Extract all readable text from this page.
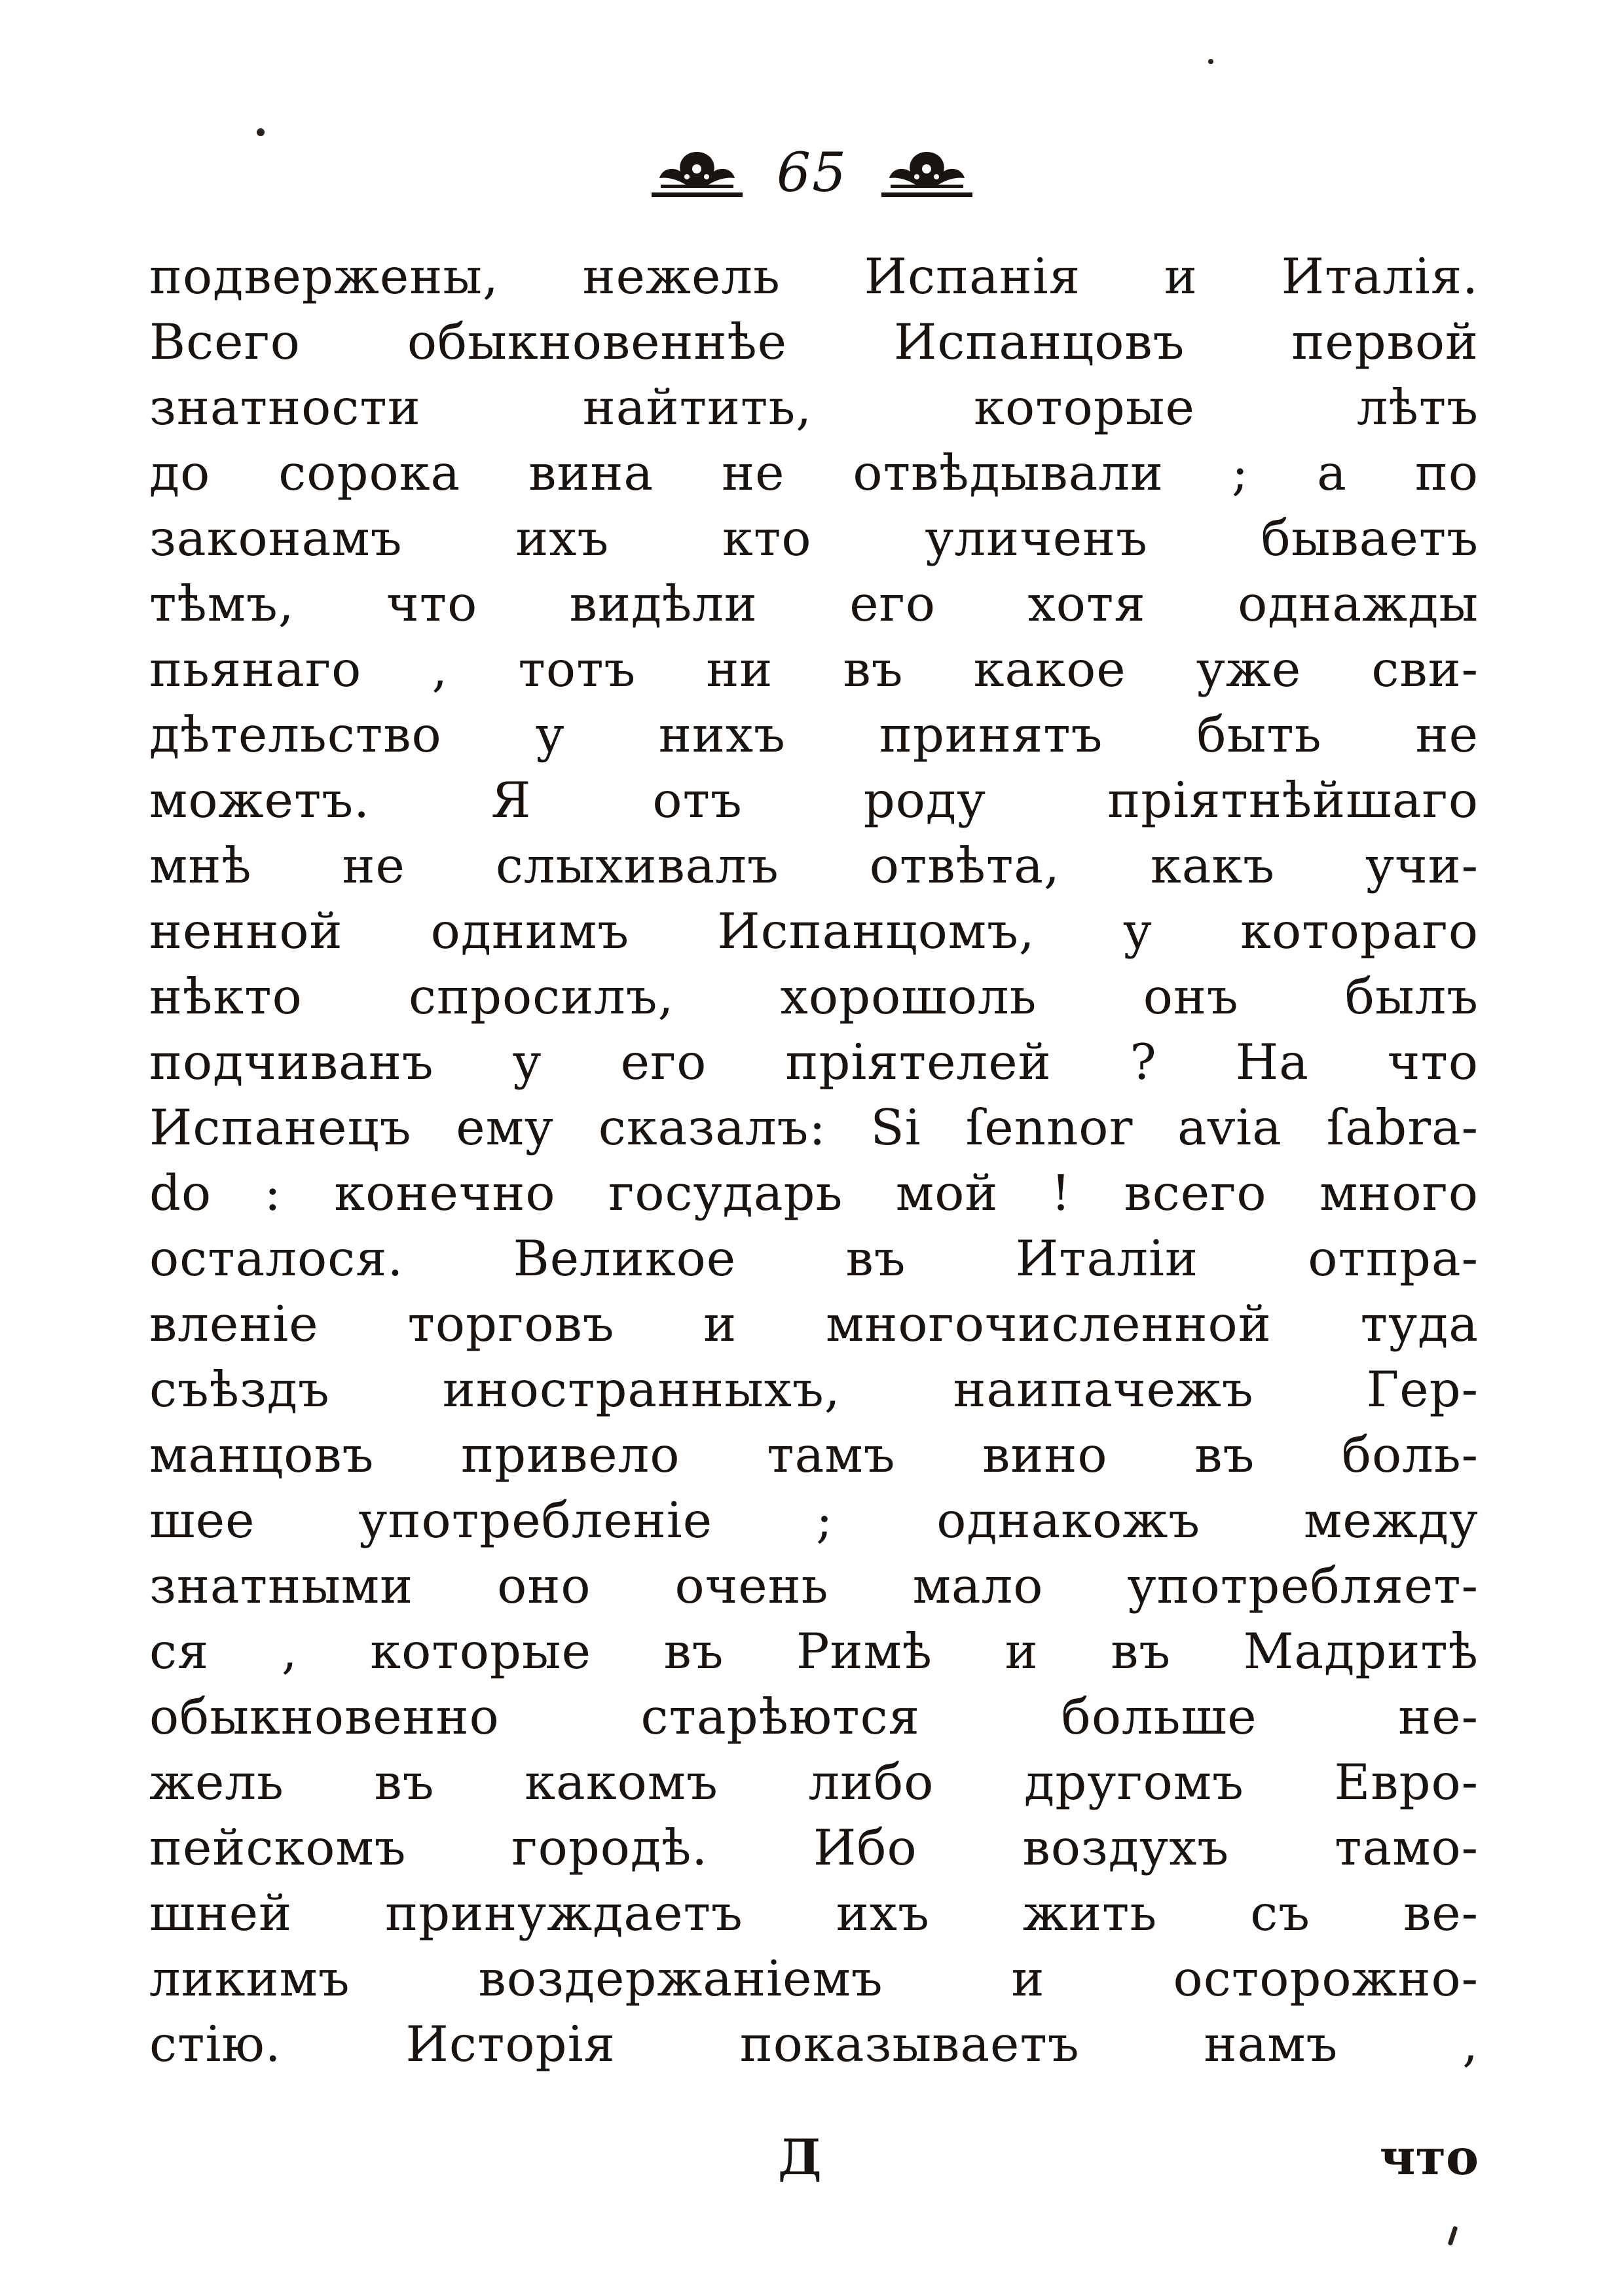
65
подвержены, нежель Испанія и Италія.
Всего обыкновеннѣе Испанцовъ первой
знатности найтить, которые лѣтъ
до сорока вина не отвѣдывали ; а по
законамъ ихъ кто уличенъ бываетъ
тѣмъ, что видѣли его хотя однажды
пьянаго , тотъ ни въ какое уже сви-
дѣтельство у нихъ принятъ быть не
можетъ. Я отъ роду пріятнѣйшаго
мнѣ не слыхивалъ отвѣта, какъ учи-
ненной однимъ Испанцомъ, у котораго
нѣкто спросилъ, хорошоль онъ былъ
подчиванъ у его пріятелей ? На что
Испанецъ ему сказалъ: Si ſennor avia ſabra-
do : конечно государь мой ! всего много
осталося. Великое въ Италіи отпра-
вленіе торговъ и многочисленной туда
съѣздъ иностранныхъ, наипачежъ Гер-
манцовъ привело тамъ вино въ боль-
шее употребленіе ; однакожъ между
знатными оно очень мало употребляет-
ся , которые въ Римѣ и въ Мадритѣ
обыкновенно старѣются больше не-
жель въ какомъ либо другомъ Евро-
пейскомъ городѣ. Ибо воздухъ тамо-
шней принуждаетъ ихъ жить съ ве-
ликимъ воздержаніемъ и осторожно-
стію. Исторія показываетъ намъ ,
Д	что
